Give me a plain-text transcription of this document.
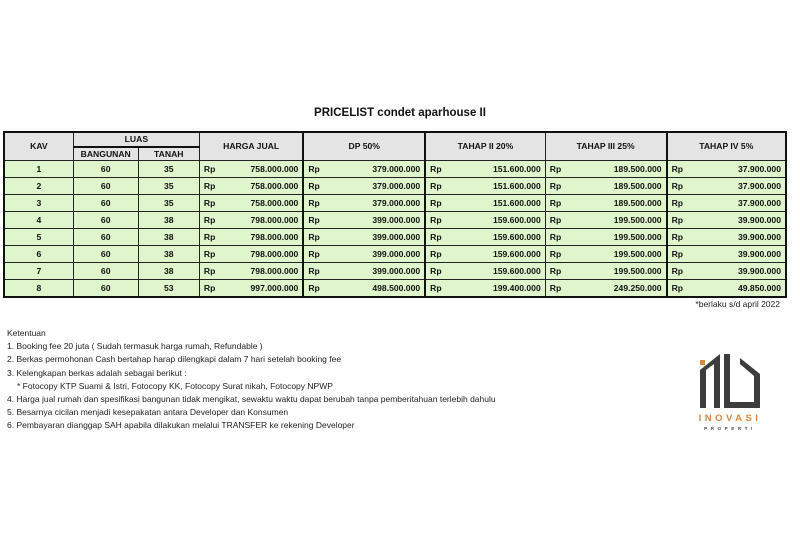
PRICELIST condet aparhouse II
KAV	LUAS		HARGA JUAL		DP 50%		TAHAP II 20%		TAHAP III 25%		TAHAP IV 5%	
	BANGUNAN	TANAH										
1	60	35	Rp	758.000.000	Rp	379.000.000	Rp	151.600.000	Rp	189.500.000	Rp	37.900.000
2	60	35	Rp	758.000.000	Rp	379.000.000	Rp	151.600.000	Rp	189.500.000	Rp	37.900.000
3	60	35	Rp	758.000.000	Rp	379.000.000	Rp	151.600.000	Rp	189.500.000	Rp	37.900.000
4	60	38	Rp	798.000.000	Rp	399.000.000	Rp	159.600.000	Rp	199.500.000	Rp	39.900.000
5	60	38	Rp	798.000.000	Rp	399.000.000	Rp	159.600.000	Rp	199.500.000	Rp	39.900.000
6	60	38	Rp	798.000.000	Rp	399.000.000	Rp	159.600.000	Rp	199.500.000	Rp	39.900.000
7	60	38	Rp	798.000.000	Rp	399.000.000	Rp	159.600.000	Rp	199.500.000	Rp	39.900.000
8	60	53	Rp	997.000.000	Rp	498.500.000	Rp	199.400.000	Rp	249.250.000	Rp	49.850.000
*berlaku s/d april 2022
Ketentuan
1. Booking fee 20 juta ( Sudah termasuk harga rumah, Refundable )
2. Berkas permohonan Cash bertahap harap dilengkapi dalam 7 hari setelah booking fee
3. Kelengkapan berkas adalah sebagai berikut :
* Fotocopy KTP Suami & Istri, Fotocopy KK, Fotocopy Surat nikah, Fotocopy NPWP
4. Harga jual rumah dan spesifikasi bangunan tidak mengikat, sewaktu waktu dapat berubah tanpa pemberitahuan terlebih dahulu
5. Besarnya cicilan menjadi kesepakatan antara Developer dan Konsumen
6. Pembayaran dianggap SAH apabila dilakukan melalui TRANSFER ke rekening Developer
INOVASI
PROPERTI
